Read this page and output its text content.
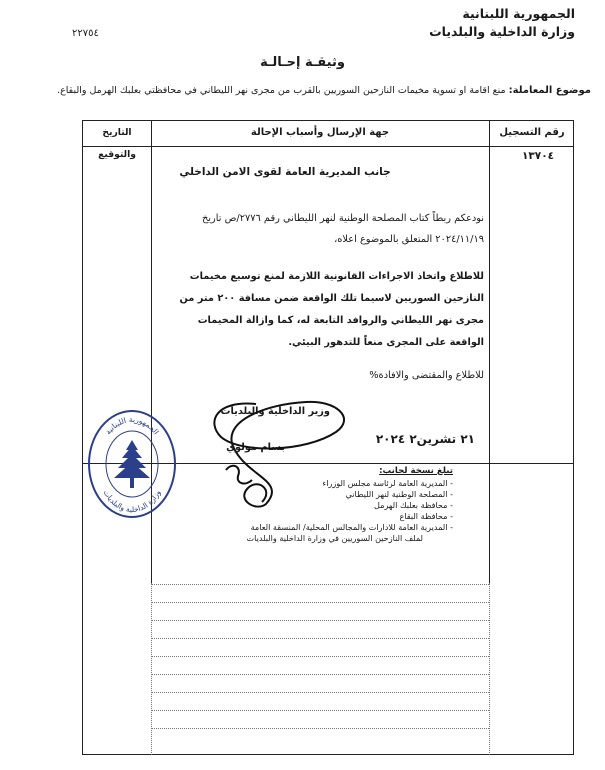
الجمهورية اللبنانية
وزارة الداخلية والبلديات
٢٢٧٥٤
وثيقـة إحـالـة
موضوع المعاملة: منع اقامة او تسوية مخيمات النازحين السوريين بالقرب من مجرى نهر الليطاني في محافظتي بعلبك الهرمل والبقاع.
رقم التسجيل
جهة الإرسال وأسباب الإحالة
التاريخ والتوقيع	١٣٧٠٤
جانب المديرية العامة لقوى الامن الداخلي
نودعكم ربطاً كتاب المصلحة الوطنية لنهر الليطاني رقم ٢٧٧٦/ص تاريخ ٢٠٢٤/١١/١٩ المتعلق بالموضوع اعلاه،
للاطلاع واتخاذ الاجراءات القانونية اللازمة لمنع توسيع مخيمات النازحين السوريين لاسيما تلك الواقعة ضمن مسافة ٢٠٠ متر من مجرى نهر الليطاني والروافد التابعة له، كما وازالة المخيمات الواقعة على المجرى منعاً للتدهور البيئي.
للاطلاع والمقتضى والافادة%
وزير الداخلية والبلديات
٢١ تشرين٢ ٢٠٢٤
بسام مولوي
تبلغ نسخة لجانب:
- المديرية العامة لرئاسة مجلس الوزراء
- المصلحة الوطنية لنهر الليطاني
- محافظة بعلبك الهرمل
- محافظة البقاع
- المديرية العامة للادارات والمجالس المحلية/ المنسقة العامة
لملف النازحين السوريين في وزارة الداخلية والبلديات
الجمهورية اللبنانية
وزارة الداخلية والبلديات
